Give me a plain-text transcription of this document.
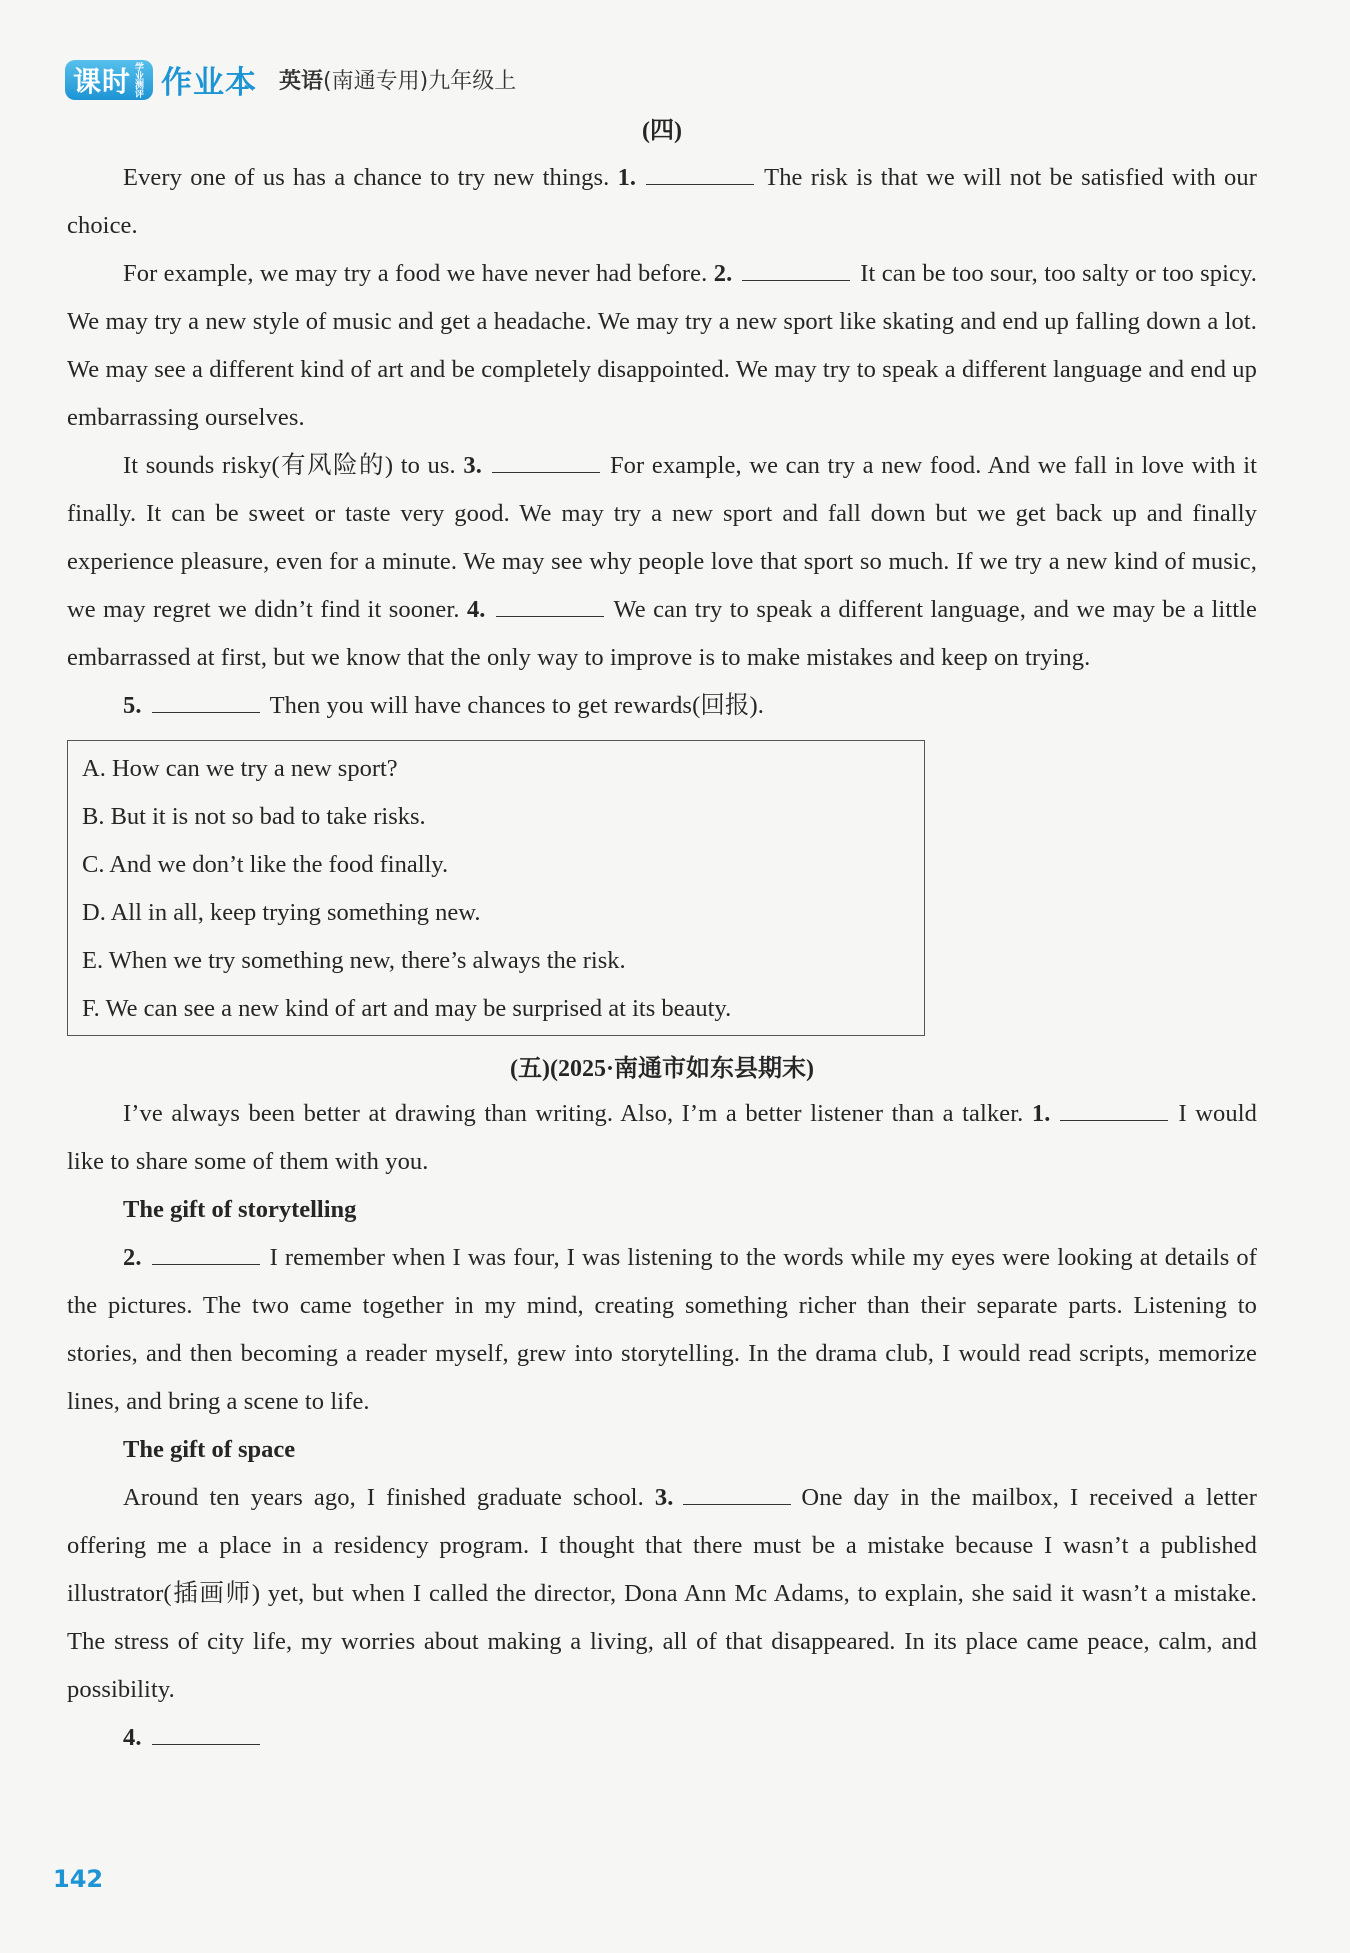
课时 学业测评 作业本 英语(南通专用)九年级上
(四)

Every one of us has a chance to try new things. 1.	The risk is that we will not be satisfied with our choice.

For example, we may try a food we have never had before. 2.	It can be too sour, too salty or too spicy. We may try a new style of music and get a headache. We may try a new sport like skating and end up falling down a lot. We may see a different kind of art and be completely disappointed. We may try to speak a different language and end up embarrassing ourselves.

It sounds risky(有风险的) to us. 3.	For example, we can try a new food. And we fall in love with it finally. It can be sweet or taste very good. We may try a new sport and fall down but we get back up and finally experience pleasure, even for a minute. We may see why people love that sport so much. If we try a new kind of music, we may regret we didn’t find it sooner. 4.	We can try to speak a different language, and we may be a little embarrassed at first, but we know that the only way to improve is to make mistakes and keep on trying.

5.	Then you will have chances to get rewards(回报).

A. How can we try a new sport?
B. But it is not so bad to take risks.
C. And we don’t like the food finally.
D. All in all, keep trying something new.
E. When we try something new, there’s always the risk.
F. We can see a new kind of art and may be surprised at its beauty.
(五)(2025·南通市如东县期末)

I’ve always been better at drawing than writing. Also, I’m a better listener than a talker. 1.	I would like to share some of them with you.

The gift of storytelling

2.	I remember when I was four, I was listening to the words while my eyes were looking at details of the pictures. The two came together in my mind, creating something richer than their separate parts. Listening to stories, and then becoming a reader myself, grew into storytelling. In the drama club, I would read scripts, memorize lines, and bring a scene to life.

The gift of space

Around ten years ago, I finished graduate school. 3.	One day in the mailbox, I received a letter offering me a place in a residency program. I thought that there must be a mistake because I wasn’t a published illustrator(插画师) yet, but when I called the director, Dona Ann Mc Adams, to explain, she said it wasn’t a mistake. The stress of city life, my worries about making a living, all of that disappeared. In its place came peace, calm, and possibility.

4.

142
